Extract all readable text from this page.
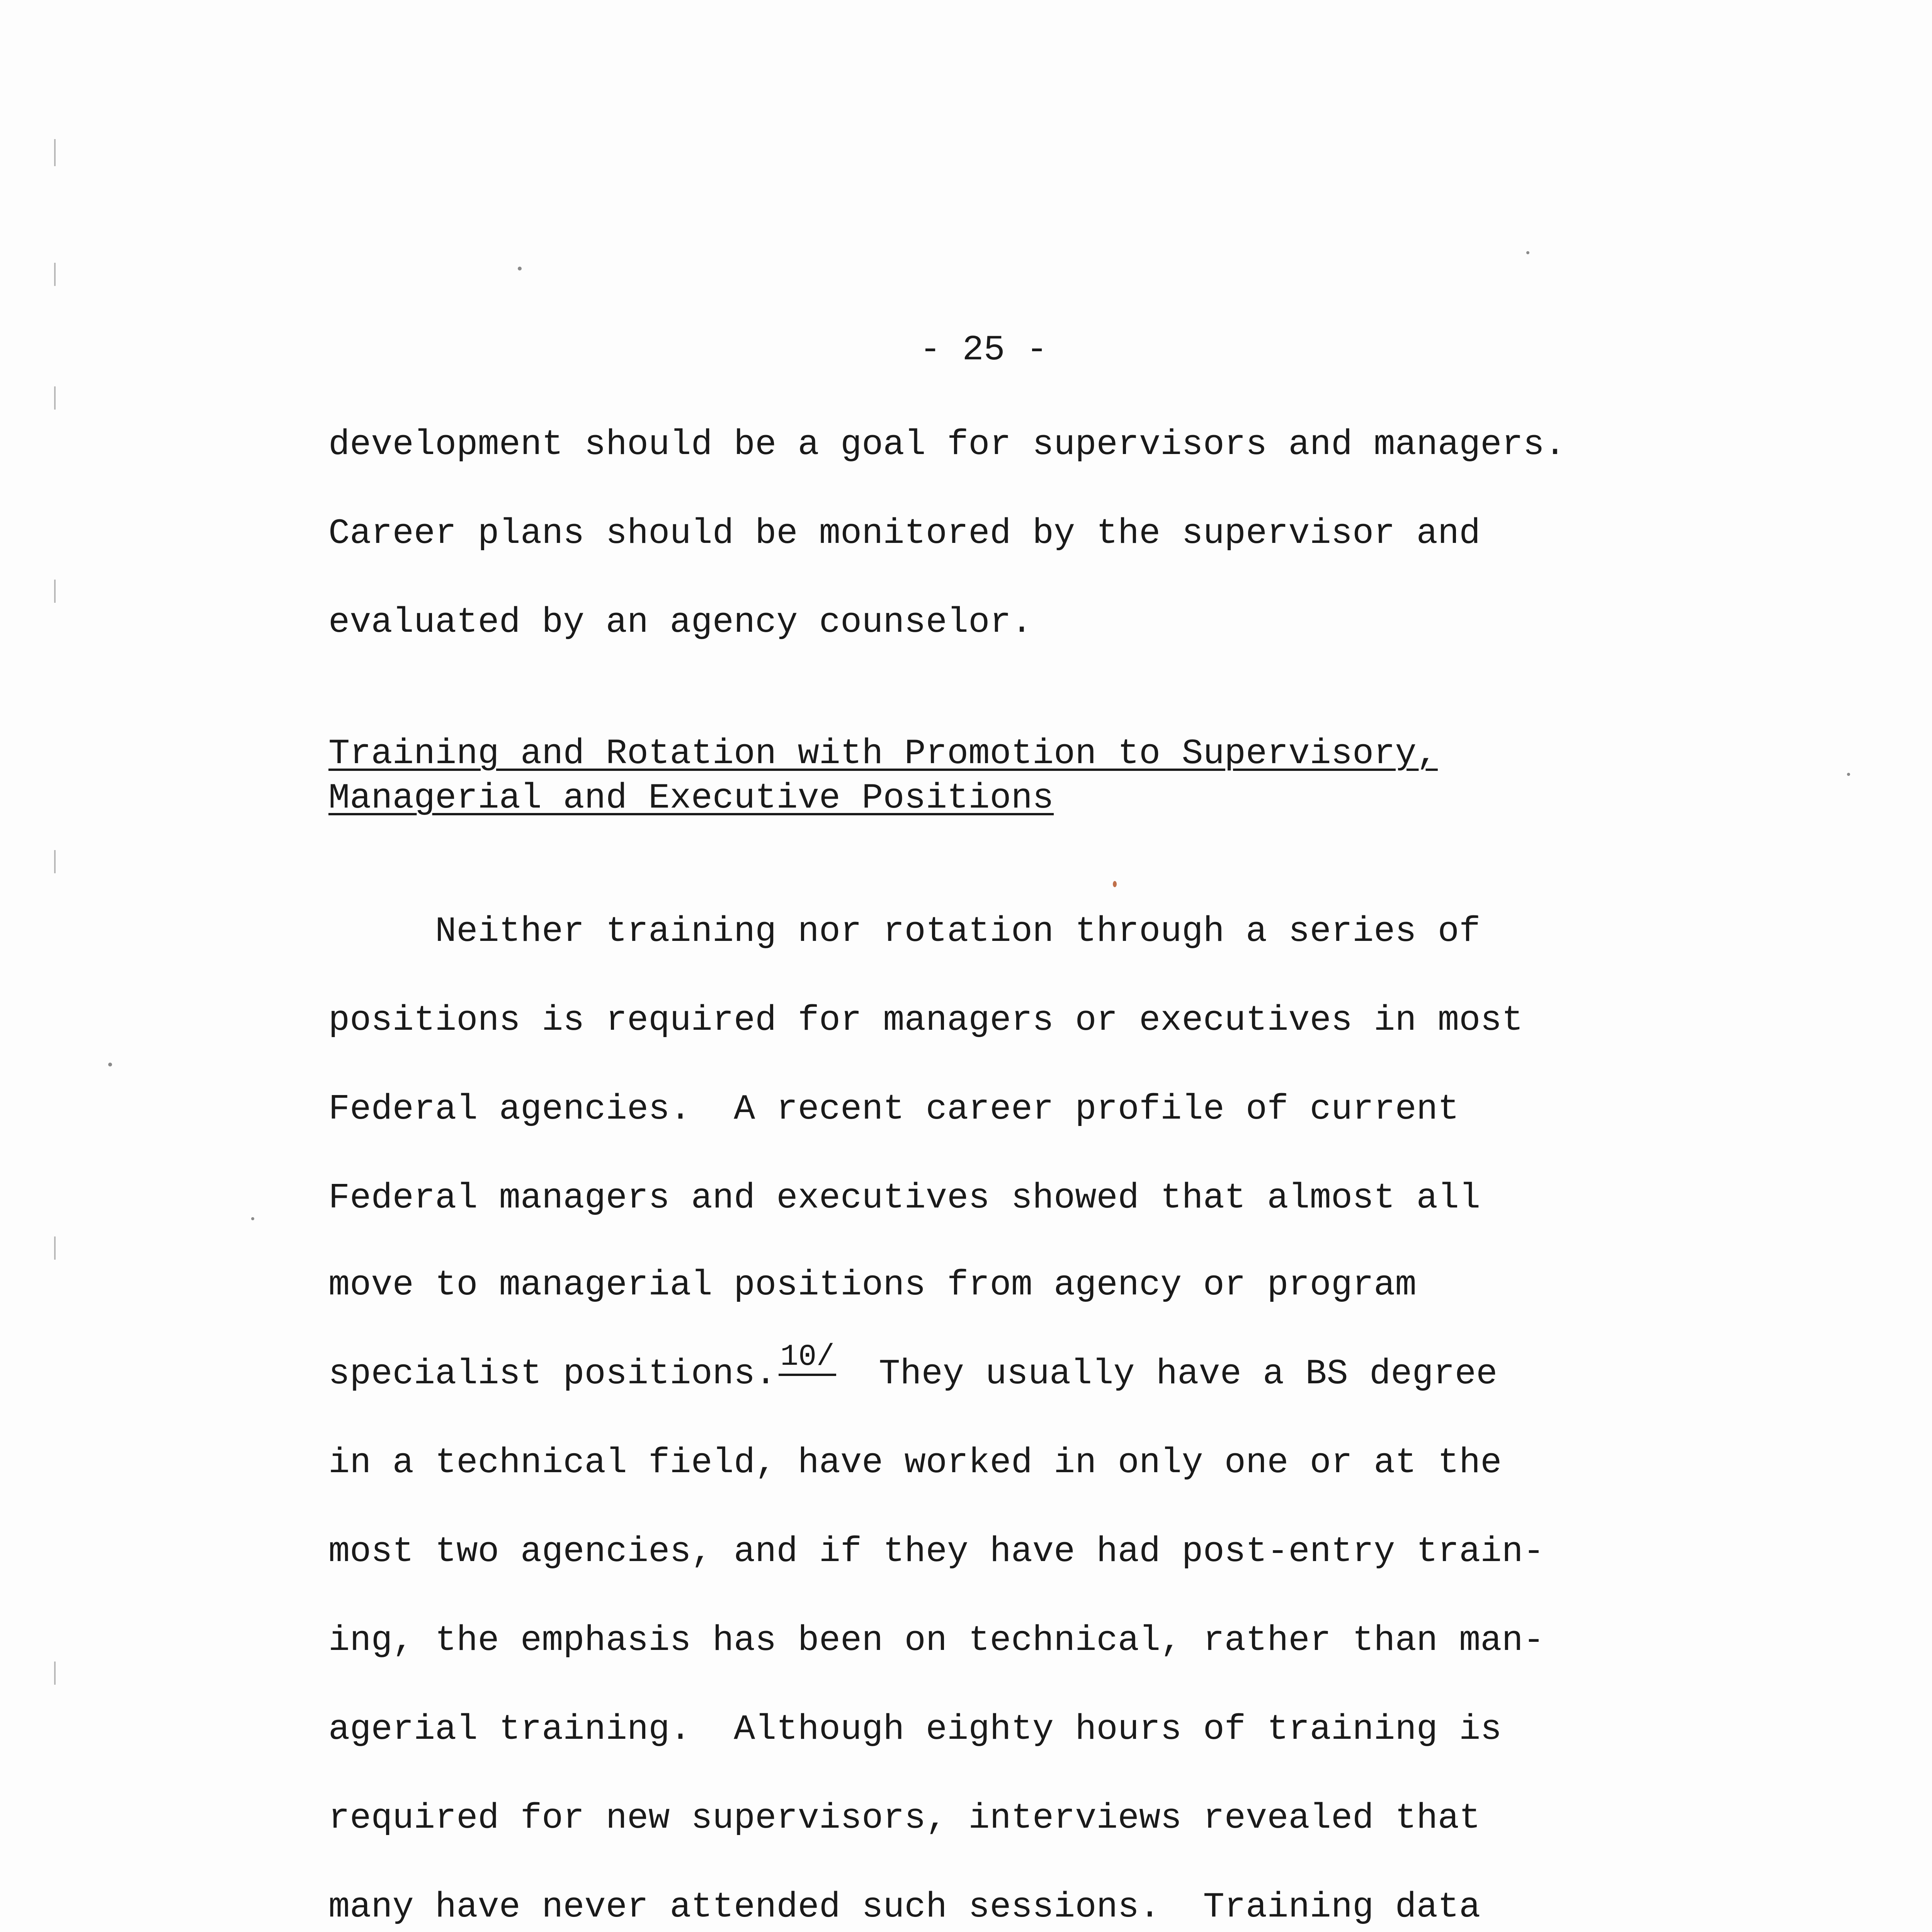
- 25 -
development should be a goal for supervisors and managers.
Career plans should be monitored by the supervisor and
evaluated by an agency counselor.
Training and Rotation with Promotion to Supervisory,
Managerial and Executive Positions
Neither training nor rotation through a series of
positions is required for managers or executives in most
Federal agencies.  A recent career profile of current
Federal managers and executives showed that almost all
move to managerial positions from agency or program
specialist positions. 10/  They usually have a BS degree
in a technical field, have worked in only one or at the
most two agencies, and if they have had post-entry train-
ing, the emphasis has been on technical, rather than man-
agerial training.  Although eighty hours of training is
required for new supervisors, interviews revealed that
many have never attended such sessions.  Training data
